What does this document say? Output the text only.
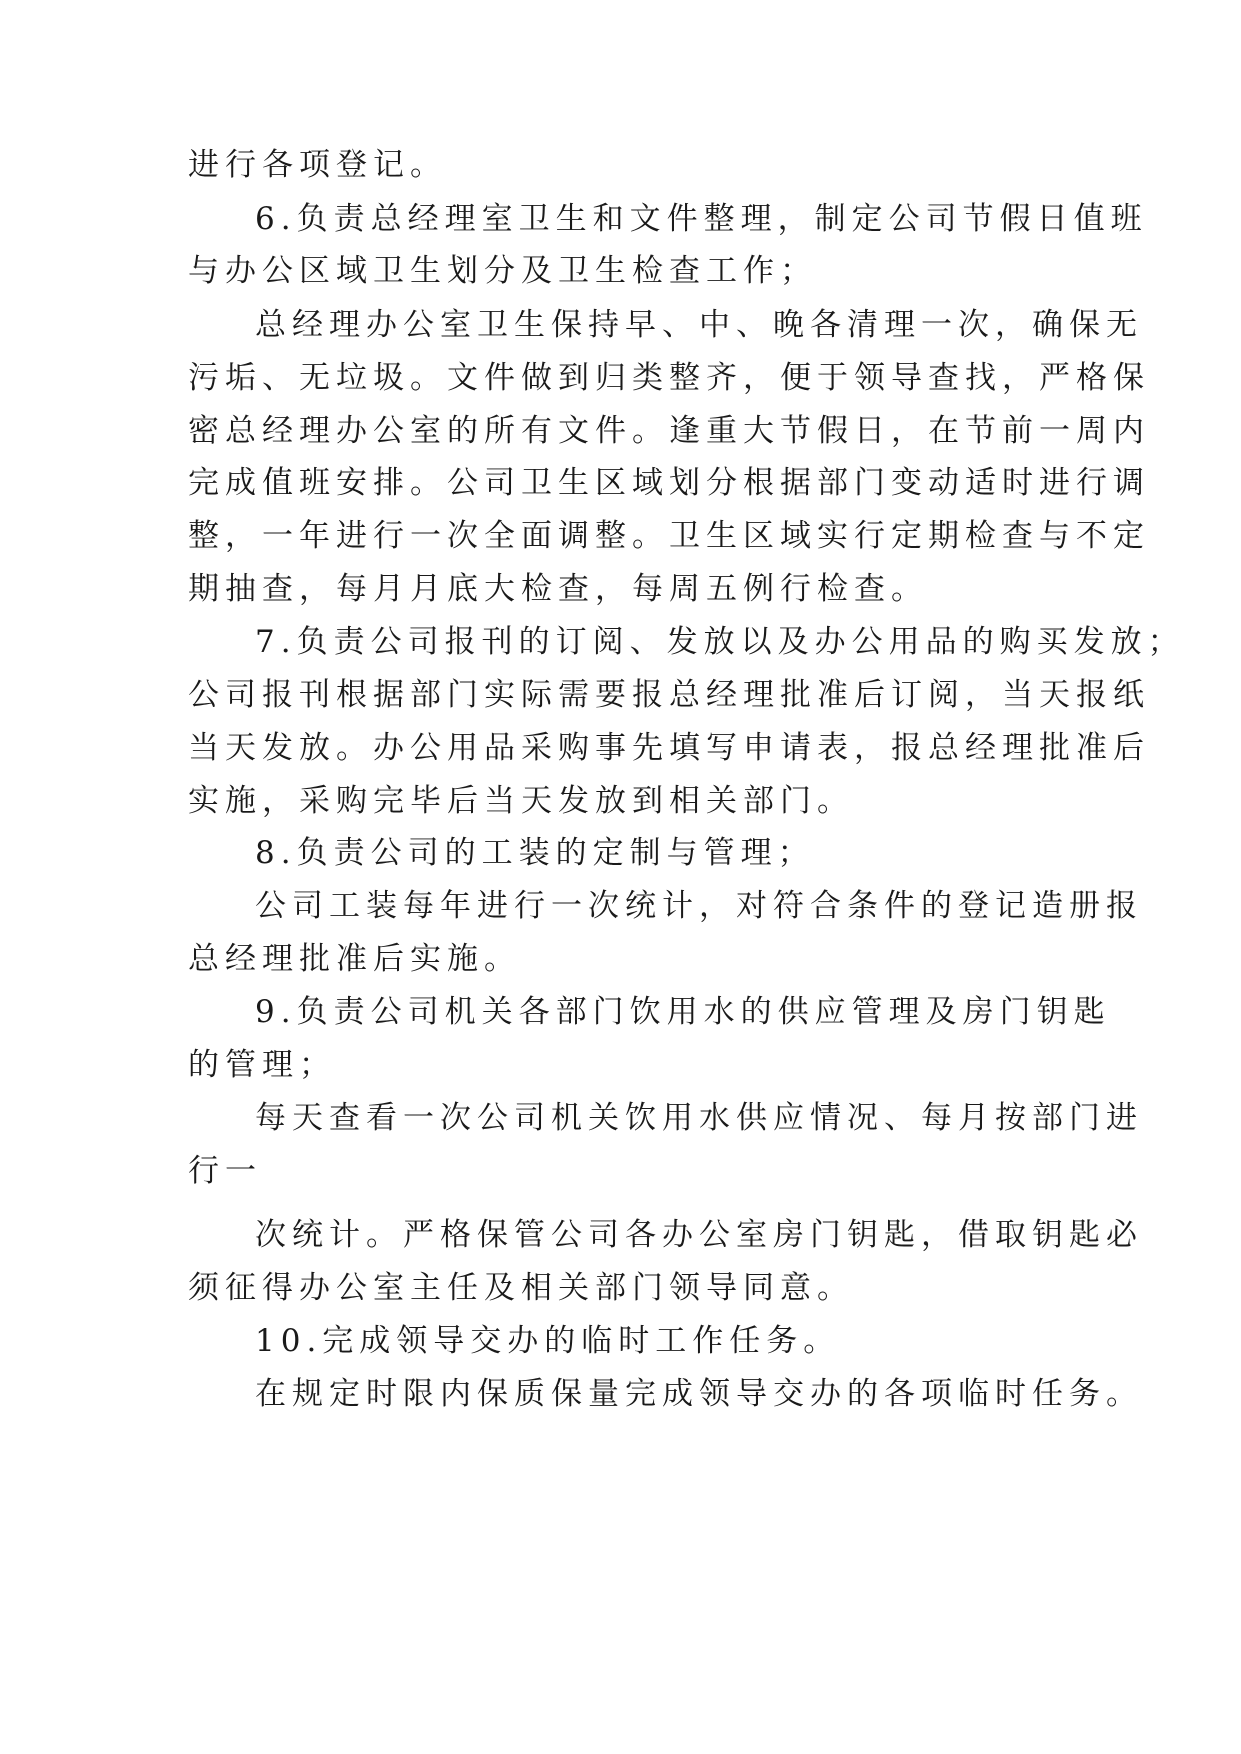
进行各项登记。
6.负责总经理室卫生和文件整理，制定公司节假日值班
与办公区域卫生划分及卫生检查工作；
总经理办公室卫生保持早、中、晚各清理一次，确保无
污垢、无垃圾。文件做到归类整齐，便于领导查找，严格保
密总经理办公室的所有文件。逢重大节假日，在节前一周内
完成值班安排。公司卫生区域划分根据部门变动适时进行调
整，一年进行一次全面调整。卫生区域实行定期检查与不定
期抽查，每月月底大检查，每周五例行检查。
7.负责公司报刊的订阅、发放以及办公用品的购买发放；
公司报刊根据部门实际需要报总经理批准后订阅，当天报纸
当天发放。办公用品采购事先填写申请表，报总经理批准后
实施，采购完毕后当天发放到相关部门。
8.负责公司的工装的定制与管理；
公司工装每年进行一次统计，对符合条件的登记造册报
总经理批准后实施。
9.负责公司机关各部门饮用水的供应管理及房门钥匙
的管理；
每天查看一次公司机关饮用水供应情况、每月按部门进
行一
次统计。严格保管公司各办公室房门钥匙，借取钥匙必
须征得办公室主任及相关部门领导同意。
10.完成领导交办的临时工作任务。
在规定时限内保质保量完成领导交办的各项临时任务。
